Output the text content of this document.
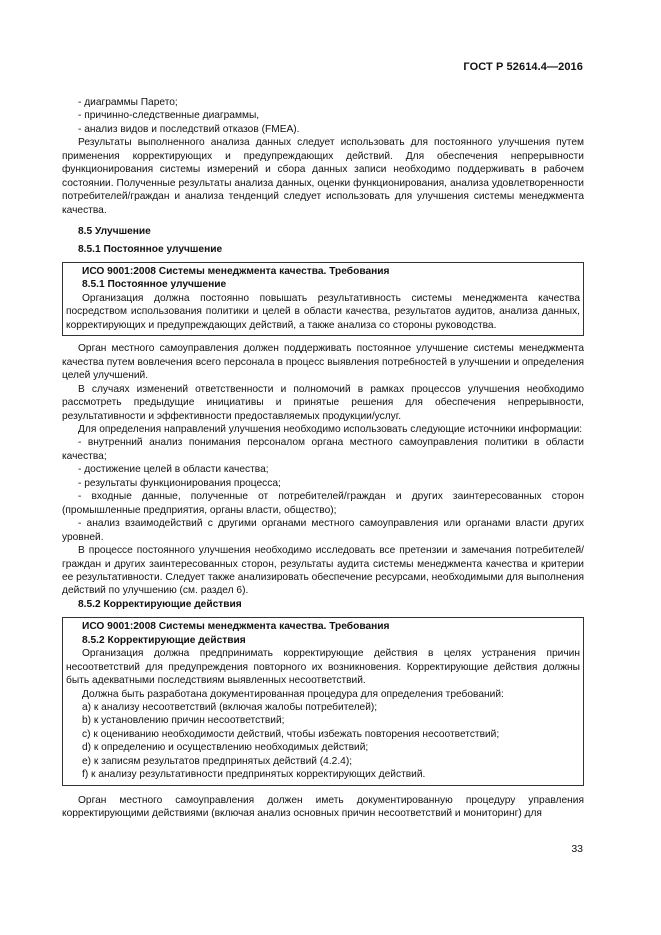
ГОСТ Р 52614.4—2016

- диаграммы Парето;

- причинно-следственные диаграммы,

- анализ видов и последствий отказов (FMEA).

Результаты выполненного анализа данных следует использовать для постоянного улучшения путем применения корректирующих и предупреждающих действий. Для обеспечения непрерывности функционирования системы измерений и сбора данных записи необходимо поддерживать в рабочем состоянии. Полученные результаты анализа данных, оценки функционирования, анализа удовлетворенности потребителей/граждан и анализа тенденций следует использовать для улучшения системы менеджмента качества.

8.5 Улучшение

8.5.1 Постоянное улучшение

ИСО 9001:2008 Системы менеджмента качества. Требования
8.5.1 Постоянное улучшение

Организация должна постоянно повышать результативность системы менеджмента качества посредством использования политики и целей в области качества, результатов аудитов, анализа данных, корректирующих и предупреждающих действий, а также анализа со стороны руководства.

Орган местного самоуправления должен поддерживать постоянное улучшение системы менеджмента качества путем вовлечения всего персонала в процесс выявления потребностей в улучшении и определения целей улучшений.

В случаях изменений ответственности и полномочий в рамках процессов улучшения необходимо рассмотреть предыдущие инициативы и принятые решения для обеспечения непрерывности, результативности и эффективности предоставляемых продукции/услуг.

Для определения направлений улучшения необходимо использовать следующие источники информации:

- внутренний анализ понимания персоналом органа местного самоуправления политики в области качества;

- достижение целей в области качества;

- результаты функционирования процесса;

- входные данные, полученные от потребителей/граждан и других заинтересованных сторон (промышленные предприятия, органы власти, общество);

- анализ взаимодействий с другими органами местного самоуправления или органами власти других уровней.

В процессе постоянного улучшения необходимо исследовать все претензии и замечания потребителей/граждан и других заинтересованных сторон, результаты аудита системы менеджмента качества и критерии ее результативности. Следует также анализировать обеспечение ресурсами, необходимыми для выполнения действий по улучшению (см. раздел 6).

8.5.2 Корректирующие действия

ИСО 9001:2008 Системы менеджмента качества. Требования
8.5.2 Корректирующие действия

Организация должна предпринимать корректирующие действия в целях устранения причин несоответствий для предупреждения повторного их возникновения. Корректирующие действия должны быть адекватными последствиям выявленных несоответствий.

Должна быть разработана документированная процедура для определения требований:

a) к анализу несоответствий (включая жалобы потребителей);

b) к установлению причин несоответствий;

c) к оцениванию необходимости действий, чтобы избежать повторения несоответствий;

d) к определению и осуществлению необходимых действий;

e) к записям результатов предпринятых действий (4.2.4);

f) к анализу результативности предпринятых корректирующих действий.

Орган местного самоуправления должен иметь документированную процедуру управления корректирующими действиями (включая анализ основных причин несоответствий и мониторинг) для

33
